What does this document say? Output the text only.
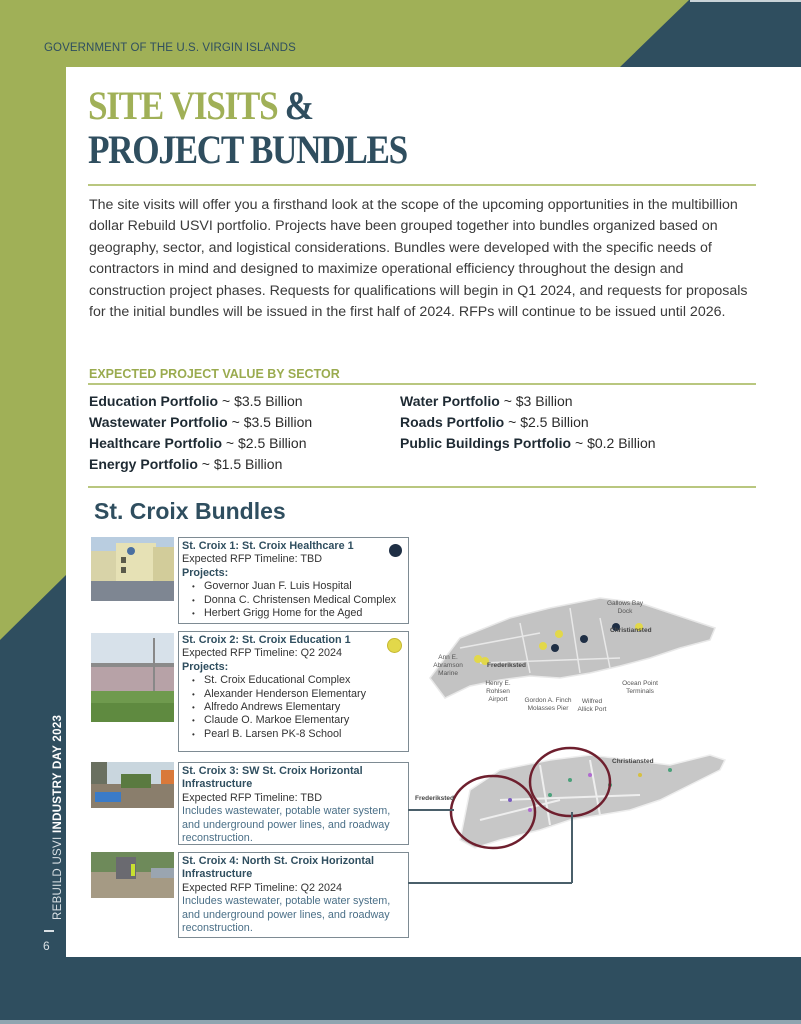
GOVERNMENT OF THE U.S. VIRGIN ISLANDS
SITE VISITS &
PROJECT BUNDLES
The site visits will offer you a firsthand look at the scope of the upcoming opportunities in the multibillion dollar Rebuild USVI portfolio. Projects have been grouped together into bundles organized based on geography, sector, and logistical considerations. Bundles were developed with the specific needs of contractors in mind and designed to maximize operational efficiency throughout the design and construction project phases. Requests for qualifications will begin in Q1 2024, and requests for proposals for the initial bundles will be issued in the first half of 2024. RFPs will continue to be issued until 2026.
EXPECTED PROJECT VALUE BY SECTOR
Education Portfolio ~ $3.5 Billion
Wastewater Portfolio ~ $3.5 Billion
Healthcare Portfolio ~ $2.5 Billion
Energy Portfolio ~ $1.5 Billion
Water Portfolio ~ $3 Billion
Roads Portfolio ~ $2.5 Billion
Public Buildings Portfolio ~ $0.2 Billion
St. Croix Bundles
St. Croix 1: St. Croix Healthcare 1
Expected RFP Timeline: TBD
Projects:
• Governor Juan F. Luis Hospital
• Donna C. Christensen Medical Complex
• Herbert Grigg Home for the Aged
St. Croix 2: St. Croix Education 1
Expected RFP Timeline: Q2 2024
Projects:
• St. Croix Educational Complex
• Alexander Henderson Elementary
• Alfredo Andrews Elementary
• Claude O. Markoe Elementary
• Pearl B. Larsen PK-8 School
St. Croix 3: SW St. Croix Horizontal
Infrastructure
Expected RFP Timeline: TBD
Includes wastewater, potable water system, and underground power lines, and roadway reconstruction.
St. Croix 4: North St. Croix Horizontal
Infrastructure
Expected RFP Timeline: Q2 2024
Includes wastewater, potable water system, and underground power lines, and roadway reconstruction.
Gallows Bay Dock
Christiansted
Ann E. Abramson Marine
Frederiksted
Henry E. Rohlsen Airport	Gordon A. Finch Molasses Pier
Wilfred Allick Port
Ocean Point Terminals
Christiansted
Frederiksted
REBUILD USVI INDUSTRY DAY 2023
6
